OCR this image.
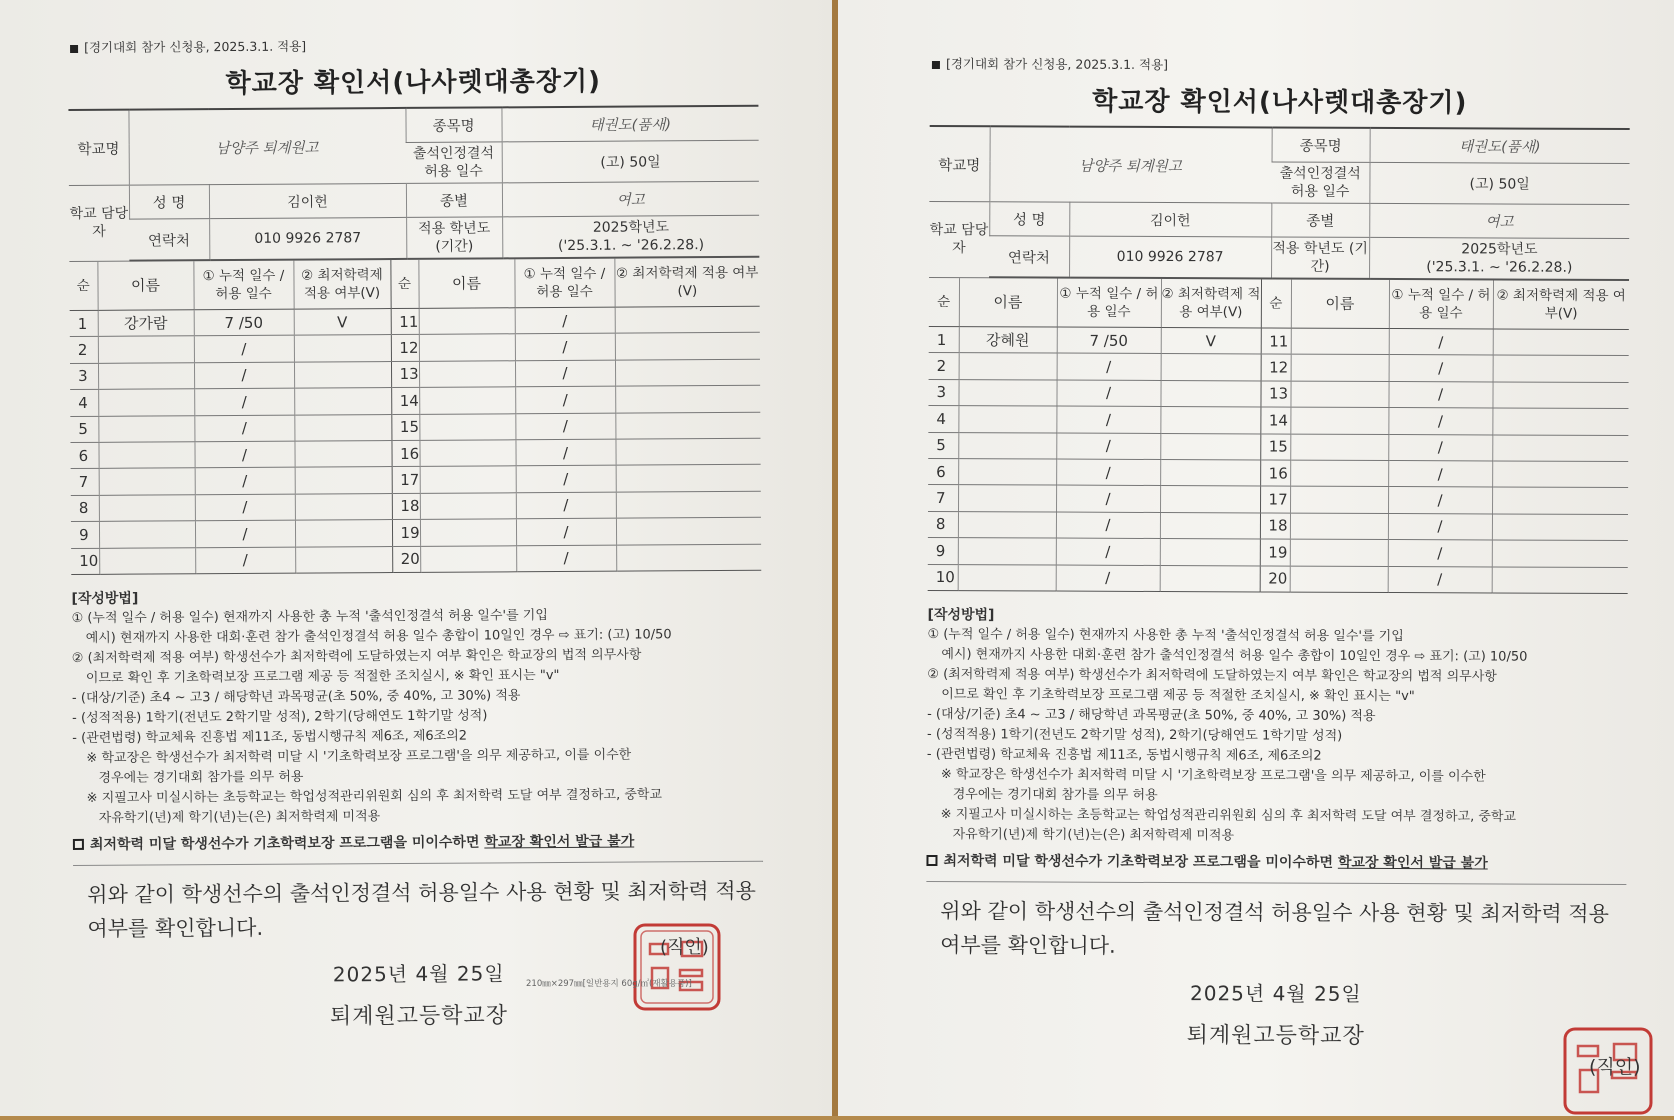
[경기대회 참가 신청용, 2025.3.1. 적용]
학교장 확인서(나사렛대총장기)
학교명	남양주 퇴계원고		종목명	태권도(품새)
			출석인정결석 허용 일수	(고) 50일
학교 담당자	성 명	김이헌	종별	여고
	연락처	010 9926 2787	적용 학년도 (기간)	2025학년도
('25.3.1. ~ '26.2.28.)
순	이름	① 누적 일수 / 허용 일수	② 최저학력제 적용 여부(V)	순	이름	① 누적 일수 / 허용 일수	② 최저학력제 적용 여부(V)
1	강가람	7 /50	V	11		/	
2		/		12		/	
3		/		13		/	
4		/		14		/	
5		/		15		/	
6		/		16		/	
7		/		17		/	
8		/		18		/	
9		/		19		/	
10		/		20		/	
[작성방법]
① (누적 일수 / 허용 일수) 현재까지 사용한 총 누적 '출석인정결석 허용 일수'를 기입
예시) 현재까지 사용한 대회·훈련 참가 출석인정결석 허용 일수 총합이 10일인 경우 ⇨ 표기: (고) 10/50
② (최저학력제 적용 여부) 학생선수가 최저학력에 도달하였는지 여부 확인은 학교장의 법적 의무사항
이므로 확인 후 기초학력보장 프로그램 제공 등 적절한 조치실시, ※ 확인 표시는 "v"
- (대상/기준) 초4 ~ 고3 / 해당학년 과목평균(초 50%, 중 40%, 고 30%) 적용
- (성적적용) 1학기(전년도 2학기말 성적), 2학기(당해연도 1학기말 성적)
- (관련법령) 학교체육 진흥법 제11조, 동법시행규칙 제6조, 제6조의2
※ 학교장은 학생선수가 최저학력 미달 시 '기초학력보장 프로그램'을 의무 제공하고, 이를 이수한
경우에는 경기대회 참가를 의무 허용
※ 지필고사 미실시하는 초등학교는 학업성적관리위원회 심의 후 최저학력 도달 여부 결정하고, 중학교
자유학기(년)제 학기(년)는(은) 최저학력제 미적용
최저학력 미달 학생선수가 기초학력보장 프로그램을 미이수하면 학교장 확인서 발급 불가
위와 같이 학생선수의 출석인정결석 허용일수 사용 현황 및 최저학력 적용 여부를 확인합니다.
2025년 4월 25일
퇴계원고등학교장
(직인)
210㎜×297㎜[일반용지 60g/㎡(재활용품)]
[경기대회 참가 신청용, 2025.3.1. 적용]
학교장 확인서(나사렛대총장기)
학교명	남양주 퇴계원고		종목명	태권도(품새)
			출석인정결석 허용 일수	(고) 50일
학교 담당자	성 명	김이헌	종별	여고
	연락처	010 9926 2787	적용 학년도 (기간)	2025학년도
('25.3.1. ~ '26.2.28.)
순	이름	① 누적 일수 / 허용 일수	② 최저학력제 적용 여부(V)	순	이름	① 누적 일수 / 허용 일수	② 최저학력제 적용 여부(V)
1	강혜원	7 /50	V	11		/	
2		/		12		/	
3		/		13		/	
4		/		14		/	
5		/		15		/	
6		/		16		/	
7		/		17		/	
8		/		18		/	
9		/		19		/	
10		/		20		/	
[작성방법]
① (누적 일수 / 허용 일수) 현재까지 사용한 총 누적 '출석인정결석 허용 일수'를 기입
예시) 현재까지 사용한 대회·훈련 참가 출석인정결석 허용 일수 총합이 10일인 경우 ⇨ 표기: (고) 10/50
② (최저학력제 적용 여부) 학생선수가 최저학력에 도달하였는지 여부 확인은 학교장의 법적 의무사항
이므로 확인 후 기초학력보장 프로그램 제공 등 적절한 조치실시, ※ 확인 표시는 "v"
- (대상/기준) 초4 ~ 고3 / 해당학년 과목평균(초 50%, 중 40%, 고 30%) 적용
- (성적적용) 1학기(전년도 2학기말 성적), 2학기(당해연도 1학기말 성적)
- (관련법령) 학교체육 진흥법 제11조, 동법시행규칙 제6조, 제6조의2
※ 학교장은 학생선수가 최저학력 미달 시 '기초학력보장 프로그램'을 의무 제공하고, 이를 이수한
경우에는 경기대회 참가를 의무 허용
※ 지필고사 미실시하는 초등학교는 학업성적관리위원회 심의 후 최저학력 도달 여부 결정하고, 중학교
자유학기(년)제 학기(년)는(은) 최저학력제 미적용
최저학력 미달 학생선수가 기초학력보장 프로그램을 미이수하면 학교장 확인서 발급 불가
위와 같이 학생선수의 출석인정결석 허용일수 사용 현황 및 최저학력 적용 여부를 확인합니다.
2025년 4월 25일
퇴계원고등학교장
(직인)
